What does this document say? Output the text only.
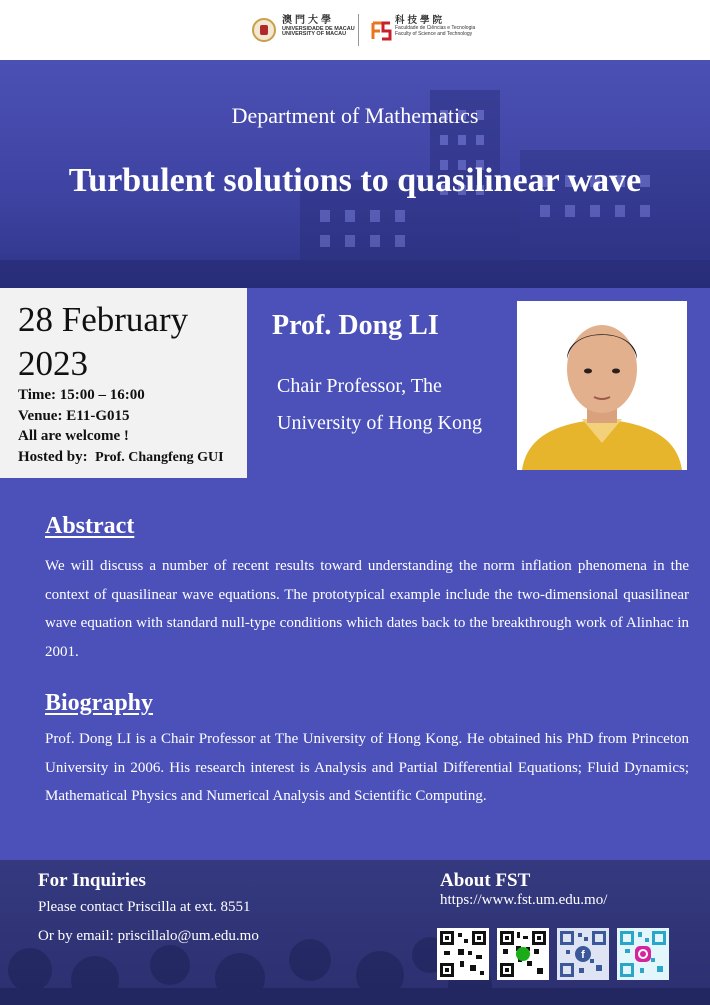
澳門大學
UNIVERSIDADE DE MACAU
UNIVERSITY OF MACAU
科技學院
Faculdade de Ciências e Tecnologia
Faculty of Science and Technology
Department of Mathematics
Turbulent solutions to quasilinear wave
28 February 2023
Time: 15:00 – 16:00
Venue: E11-G015
All are welcome !
Hosted by: Prof. Changfeng GUI
Prof. Dong LI
Chair Professor, The University of Hong Kong
Abstract
We will discuss a number of recent results toward understanding the norm inflation phenomena in the context of quasilinear wave equations. The prototypical example include the two-dimensional quasilinear wave equation with standard null-type conditions which dates back to the breakthrough work of Alinhac in 2001.
Biography
Prof. Dong LI is a Chair Professor at The University of Hong Kong. He obtained his PhD from Princeton University in 2006. His research interest is Analysis and Partial Differential Equations; Fluid Dynamics; Mathematical Physics and Numerical Analysis and Scientific Computing.
For Inquiries
Please contact Priscilla at ext. 8551
Or by email: priscillalo@um.edu.mo
About FST
https://www.fst.um.edu.mo/
f
